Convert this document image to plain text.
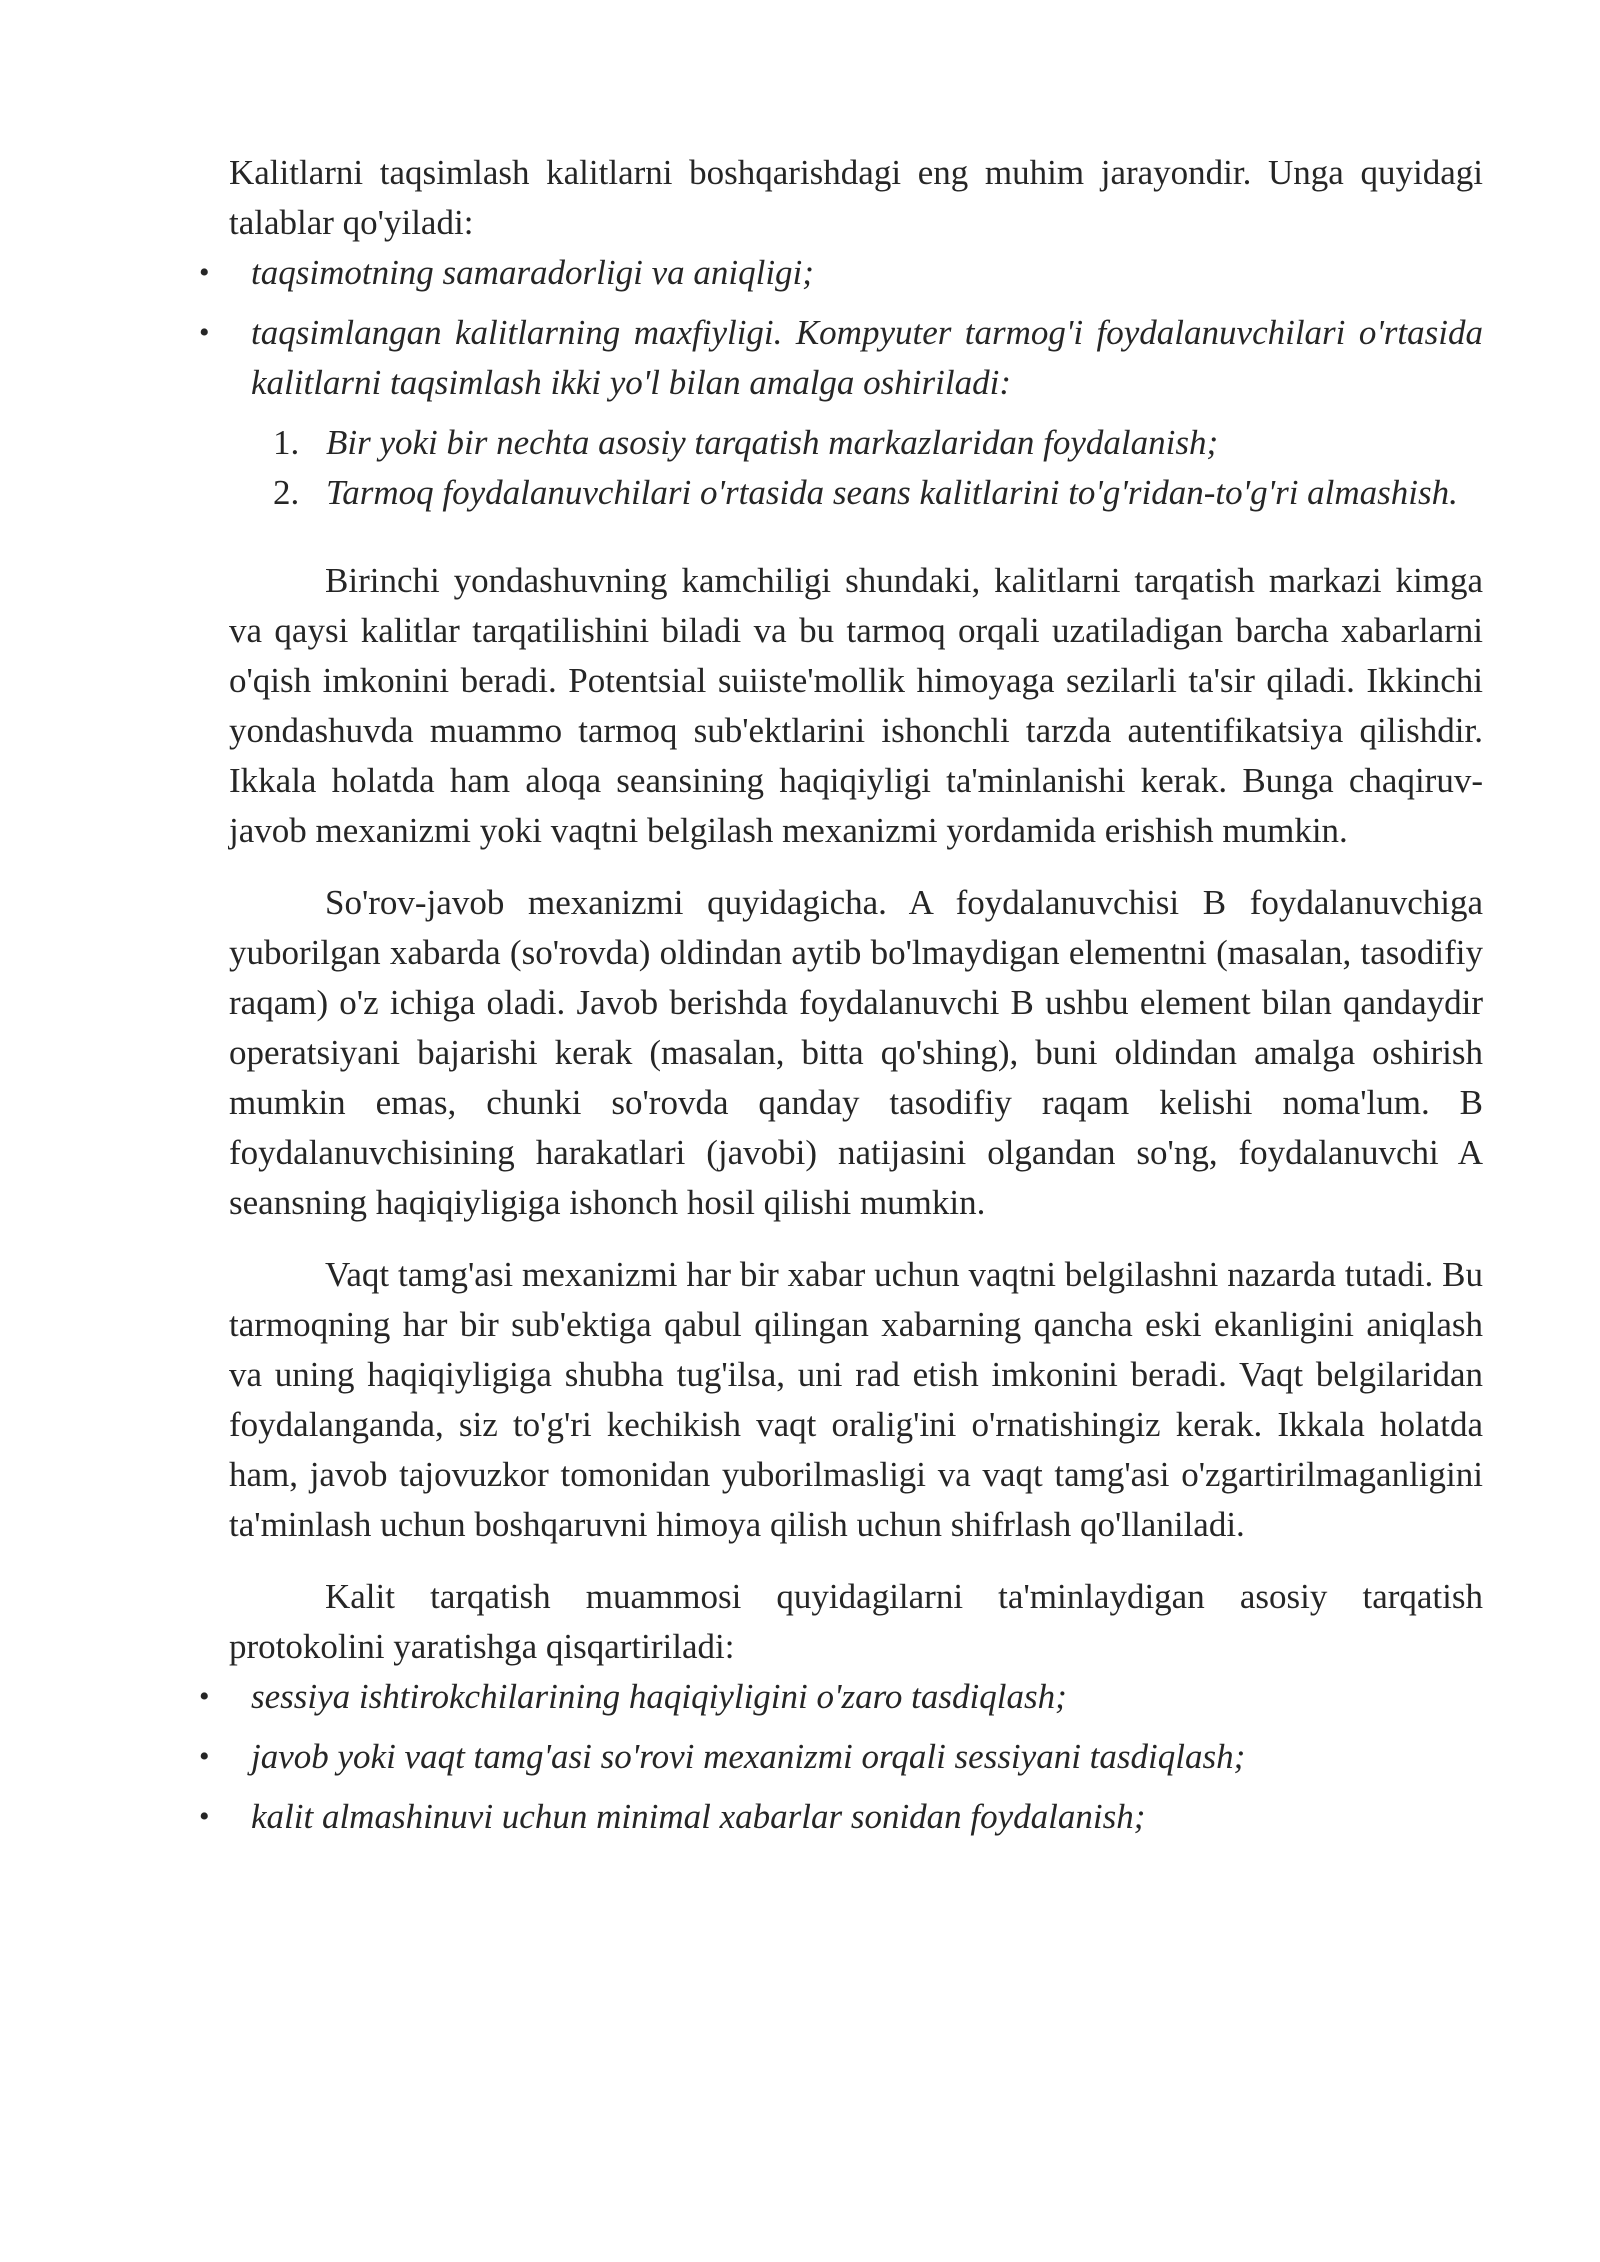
Kalitlarni taqsimlash kalitlarni boshqarishdagi eng muhim jarayondir. Unga quyidagi talablar qo'yiladi:

• taqsimotning samaradorligi va aniqligi;
• taqsimlangan kalitlarning maxfiyligi. Kompyuter tarmog'i foydalanuvchilari o'rtasida kalitlarni taqsimlash ikki yo'l bilan amalga oshiriladi:
1. Bir yoki bir nechta asosiy tarqatish markazlaridan foydalanish;
2. Tarmoq foydalanuvchilari o'rtasida seans kalitlarini to'g'ridan-to'g'ri almashish.

Birinchi yondashuvning kamchiligi shundaki, kalitlarni tarqatish markazi kimga va qaysi kalitlar tarqatilishini biladi va bu tarmoq orqali uzatiladigan barcha xabarlarni o'qish imkonini beradi. Potentsial suiiste'mollik himoyaga sezilarli ta'sir qiladi. Ikkinchi yondashuvda muammo tarmoq sub'ektlarini ishonchli tarzda autentifikatsiya qilishdir. Ikkala holatda ham aloqa seansining haqiqiyligi ta'minlanishi kerak. Bunga chaqiruv-javob mexanizmi yoki vaqtni belgilash mexanizmi yordamida erishish mumkin.

So'rov-javob mexanizmi quyidagicha. A foydalanuvchisi B foydalanuvchiga yuborilgan xabarda (so'rovda) oldindan aytib bo'lmaydigan elementni (masalan, tasodifiy raqam) o'z ichiga oladi. Javob berishda foydalanuvchi B ushbu element bilan qandaydir operatsiyani bajarishi kerak (masalan, bitta qo'shing), buni oldindan amalga oshirish mumkin emas, chunki so'rovda qanday tasodifiy raqam kelishi noma'lum. B foydalanuvchisining harakatlari (javobi) natijasini olgandan so'ng, foydalanuvchi A seansning haqiqiyligiga ishonch hosil qilishi mumkin.

Vaqt tamg'asi mexanizmi har bir xabar uchun vaqtni belgilashni nazarda tutadi. Bu tarmoqning har bir sub'ektiga qabul qilingan xabarning qancha eski ekanligini aniqlash va uning haqiqiyligiga shubha tug'ilsa, uni rad etish imkonini beradi. Vaqt belgilaridan foydalanganda, siz to'g'ri kechikish vaqt oralig'ini o'rnatishingiz kerak. Ikkala holatda ham, javob tajovuzkor tomonidan yuborilmasligi va vaqt tamg'asi o'zgartirilmaganligini ta'minlash uchun boshqaruvni himoya qilish uchun shifrlash qo'llaniladi.

Kalit tarqatish muammosi quyidagilarni ta'minlaydigan asosiy tarqatish protokolini yaratishga qisqartiriladi:

• sessiya ishtirokchilarining haqiqiyligini o'zaro tasdiqlash;
• javob yoki vaqt tamg'asi so'rovi mexanizmi orqali sessiyani tasdiqlash;
• kalit almashinuvi uchun minimal xabarlar sonidan foydalanish;
